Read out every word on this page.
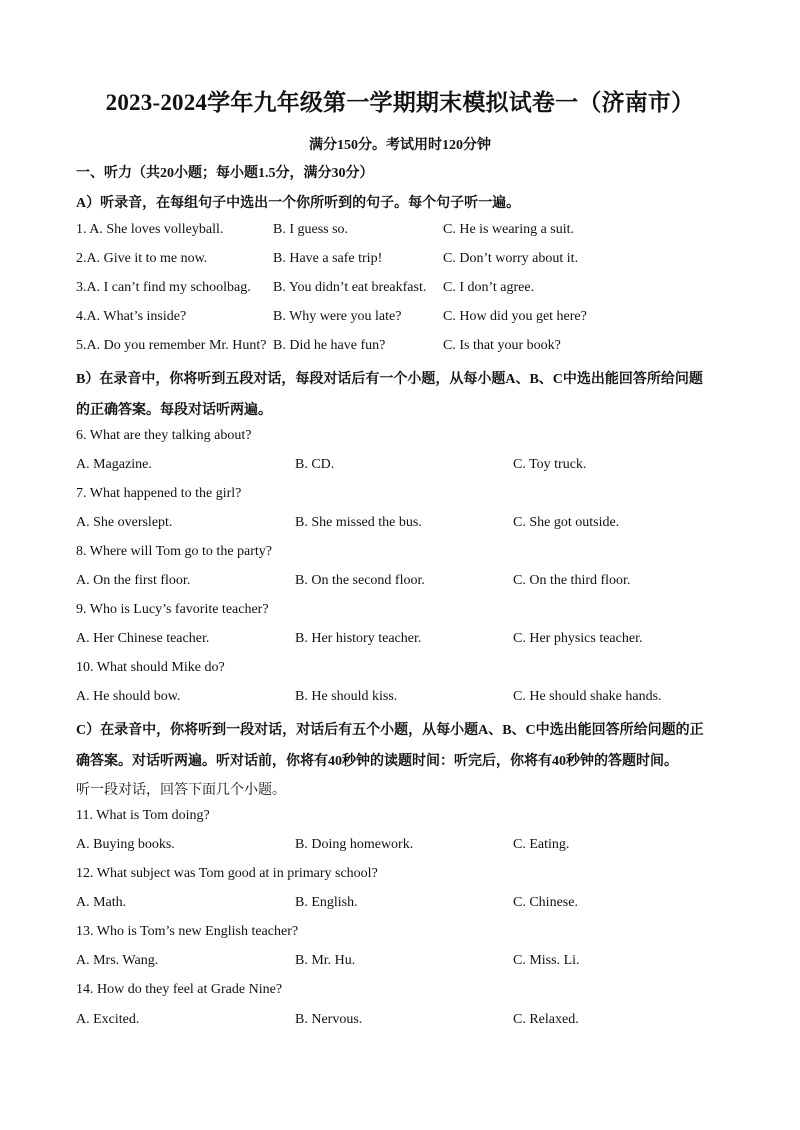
2023-2024学年九年级第一学期期末模拟试卷一（济南市）
满分150分。考试用时120分钟
一、听力（共20小题；每小题1.5分，满分30分）
A）听录音，在每组句子中选出一个你所听到的句子。每个句子听一遍。
1. A. She loves volleyball.	B. I guess so.	C. He is wearing a suit.
2.A. Give it to me now.	B. Have a safe trip!	C. Don’t worry about it.
3.A. I can’t find my schoolbag. B. You didn’t eat breakfast. C. I don’t agree.
4.A. What’s inside?	B. Why were you late?	C. How did you get here?
5.A. Do you remember Mr. Hunt? B. Did he have fun?	C. Is that your book?
B）在录音中，你将听到五段对话，每段对话后有一个小题，从每小题A、B、C中选出能回答所给问题
的正确答案。每段对话听两遍。
6. What are they talking about?
A. Magazine.	B. CD.	C. Toy truck.
7. What happened to the girl?
A. She overslept.	B. She missed the bus.	C. She got outside.
8. Where will Tom go to the party?
A. On the first floor.	B. On the second floor.	C. On the third floor.
9. Who is Lucy’s favorite teacher?
A. Her Chinese teacher.	B. Her history teacher.	C. Her physics teacher.
10. What should Mike do?
A. He should bow.	B. He should kiss.	C. He should shake hands.
C）在录音中，你将听到一段对话，对话后有五个小题，从每小题A、B、C中选出能回答所给问题的正
确答案。对话听两遍。听对话前，你将有40秒钟的读题时间：听完后，你将有40秒钟的答题时间。
听一段对话，回答下面几个小题。
11. What is Tom doing?
A. Buying books.	B. Doing homework.	C. Eating.
12. What subject was Tom good at in primary school?
A. Math.	B. English.	C. Chinese.
13. Who is Tom’s new English teacher?
A. Mrs. Wang.	B. Mr. Hu.	C. Miss. Li.
14. How do they feel at Grade Nine?
A. Excited.	B. Nervous.	C. Relaxed.
